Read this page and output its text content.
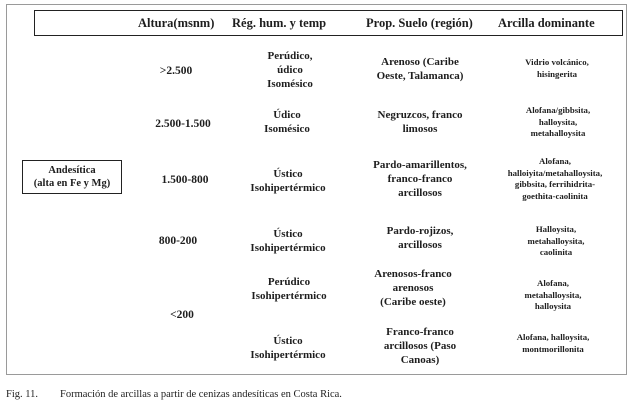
Altura(msnm) Rég. hum. y temp	Prop. Suelo (región) Arcilla dominante
Andesítica
(alta en Fe y Mg)
>2.500
2.500-1.500
1.500-800
800-200
<200
Perúdico,
údico
Isomésico
Arenoso (Caribe
Oeste, Talamanca)
Vidrio volcánico,
hisingerita
Údico
Isomésico
Negruzcos, franco
limosos
Alofana/gibbsita,
halloysita,
metahalloysita
Ústico
Isohipertérmico
Pardo-amarillentos,
franco-franco
arcillosos
Alofana,
halloiyita/metahalloysita,
gibbsita, ferrihidrita-
goethita-caolinita
Ústico
Isohipertérmico
Pardo-rojizos,
arcillosos
Halloysita,
metahalloysita,
caolinita
Perúdico
Isohipertérmico
Arenosos-franco
arenosos
(Caribe oeste)
Alofana,
metahalloysita,
halloysita
Ústico
Isohipertérmico
Franco-franco
arcillosos (Paso
Canoas)
Alofana, halloysita,
montmorillonita
Fig. 11. Formación de arcillas a partir de cenizas andesíticas en Costa Rica.
